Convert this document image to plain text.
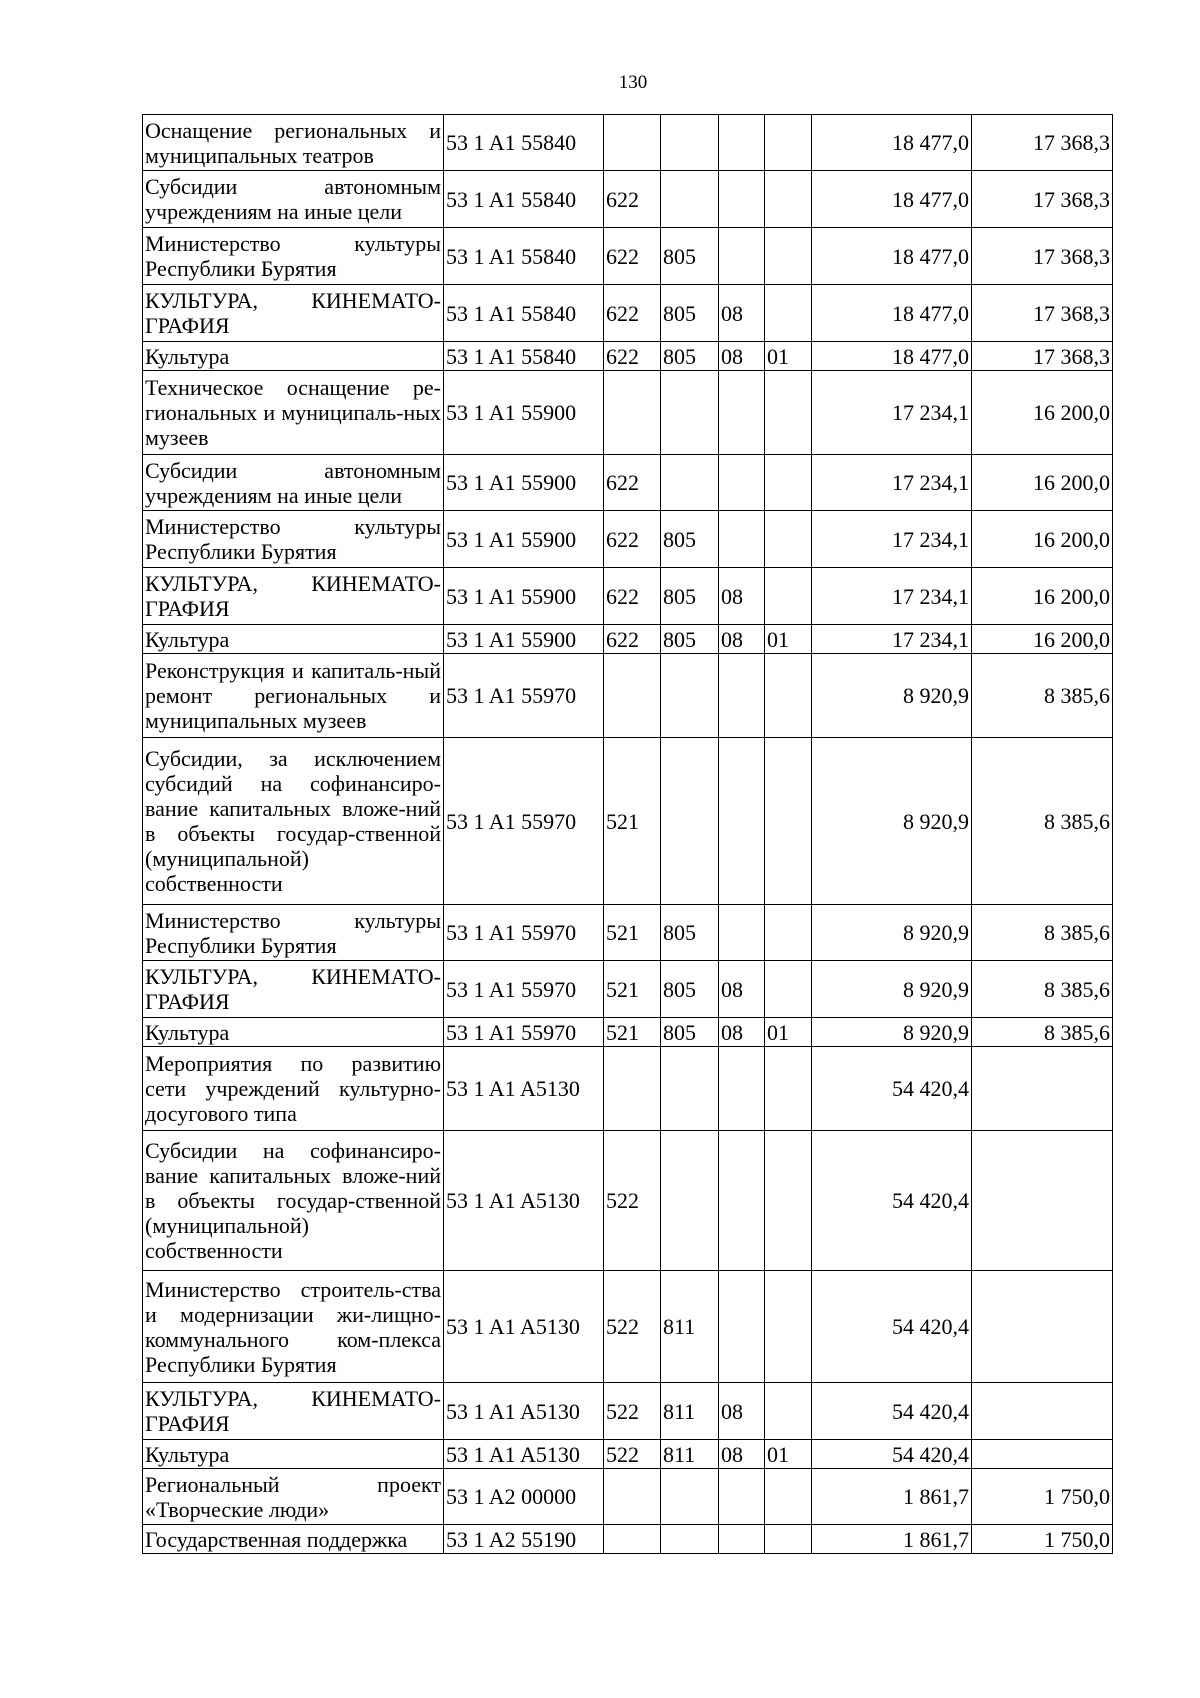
130
Оснащение региональных и муниципальных театров	53 1 A1 55840					18 477,0	17 368,3
Субсидии автономным учреждениям на иные цели	53 1 A1 55840	622				18 477,0	17 368,3
Министерство культуры Республики Бурятия	53 1 A1 55840	622	805			18 477,0	17 368,3
КУЛЬТУРА, КИНЕМАТО-ГРАФИЯ	53 1 A1 55840	622	805	08		18 477,0	17 368,3
Культура	53 1 A1 55840	622	805	08	01	18 477,0	17 368,3
Техническое оснащение ре-гиональных и муниципаль-ных музеев	53 1 A1 55900					17 234,1	16 200,0
Субсидии автономным учреждениям на иные цели	53 1 A1 55900	622				17 234,1	16 200,0
Министерство культуры Республики Бурятия	53 1 A1 55900	622	805			17 234,1	16 200,0
КУЛЬТУРА, КИНЕМАТО-ГРАФИЯ	53 1 A1 55900	622	805	08		17 234,1	16 200,0
Культура	53 1 A1 55900	622	805	08	01	17 234,1	16 200,0
Реконструкция и капиталь-ный ремонт региональных и муниципальных музеев	53 1 A1 55970					8 920,9	8 385,6
Субсидии, за исключением субсидий на софинансиро-вание капитальных вложе-ний в объекты государ-ственной (муниципальной) собственности	53 1 A1 55970	521				8 920,9	8 385,6
Министерство культуры Республики Бурятия	53 1 A1 55970	521	805			8 920,9	8 385,6
КУЛЬТУРА, КИНЕМАТО-ГРАФИЯ	53 1 A1 55970	521	805	08		8 920,9	8 385,6
Культура	53 1 A1 55970	521	805	08	01	8 920,9	8 385,6
Мероприятия по развитию сети учреждений культурно-досугового типа	53 1 A1 A5130					54 420,4	
Субсидии на софинансиро-вание капитальных вложе-ний в объекты государ-ственной (муниципальной) собственности	53 1 A1 A5130	522				54 420,4	
Министерство строитель-ства и модернизации жи-лищно-коммунального ком-плекса Республики Бурятия	53 1 A1 A5130	522	811			54 420,4	
КУЛЬТУРА, КИНЕМАТО-ГРАФИЯ	53 1 A1 A5130	522	811	08		54 420,4	
Культура	53 1 A1 A5130	522	811	08	01	54 420,4	
Региональный проект «Творческие люди»	53 1 A2 00000					1 861,7	1 750,0
Государственная поддержка	53 1 A2 55190					1 861,7	1 750,0
